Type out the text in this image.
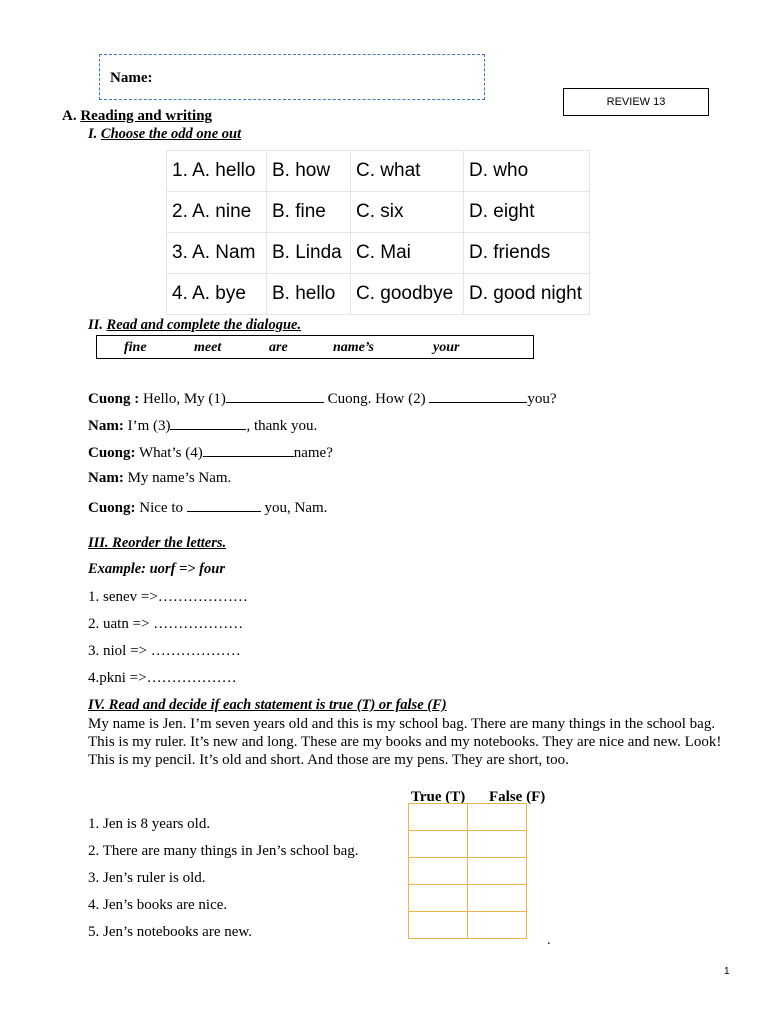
Name:
REVIEW 13
A. Reading and writing
I. Choose the odd one out
1. A. hello	B. how	C. what	D. who
2. A. nine	B. fine	C. six	D. eight
3. A. Nam	B. Linda	C. Mai	D. friends
4. A. bye	B. hello	C. goodbye	D. good night
II. Read and complete the dialogue.
fine	meet	are	name’s	your
Cuong : Hello, My (1)	Cuong. How (2)	you?
Nam: I’m (3)	, thank you.
Cuong: What’s (4)	name?
Nam: My name’s Nam.
Cuong: Nice to	you, Nam.
III. Reorder the letters.
Example: uorf => four
1. senev =>………………
2. uatn => ………………
3. niol => ………………
4.pkni =>………………
IV. Read and decide if each statement is true (T) or false (F)
My name is Jen. I’m seven years old and this is my school bag. There are many things in the school bag. This is my ruler. It’s new and long. These are my books and my notebooks. They are nice and new. Look! This is my pencil. It’s old and short. And those are my pens. They are short, too.
True (T) False (F)

1. Jen is 8 years old.
2. There are many things in Jen’s school bag.
3. Jen’s ruler is old.
4. Jen’s books are nice.
5. Jen’s notebooks are new.
.
1
